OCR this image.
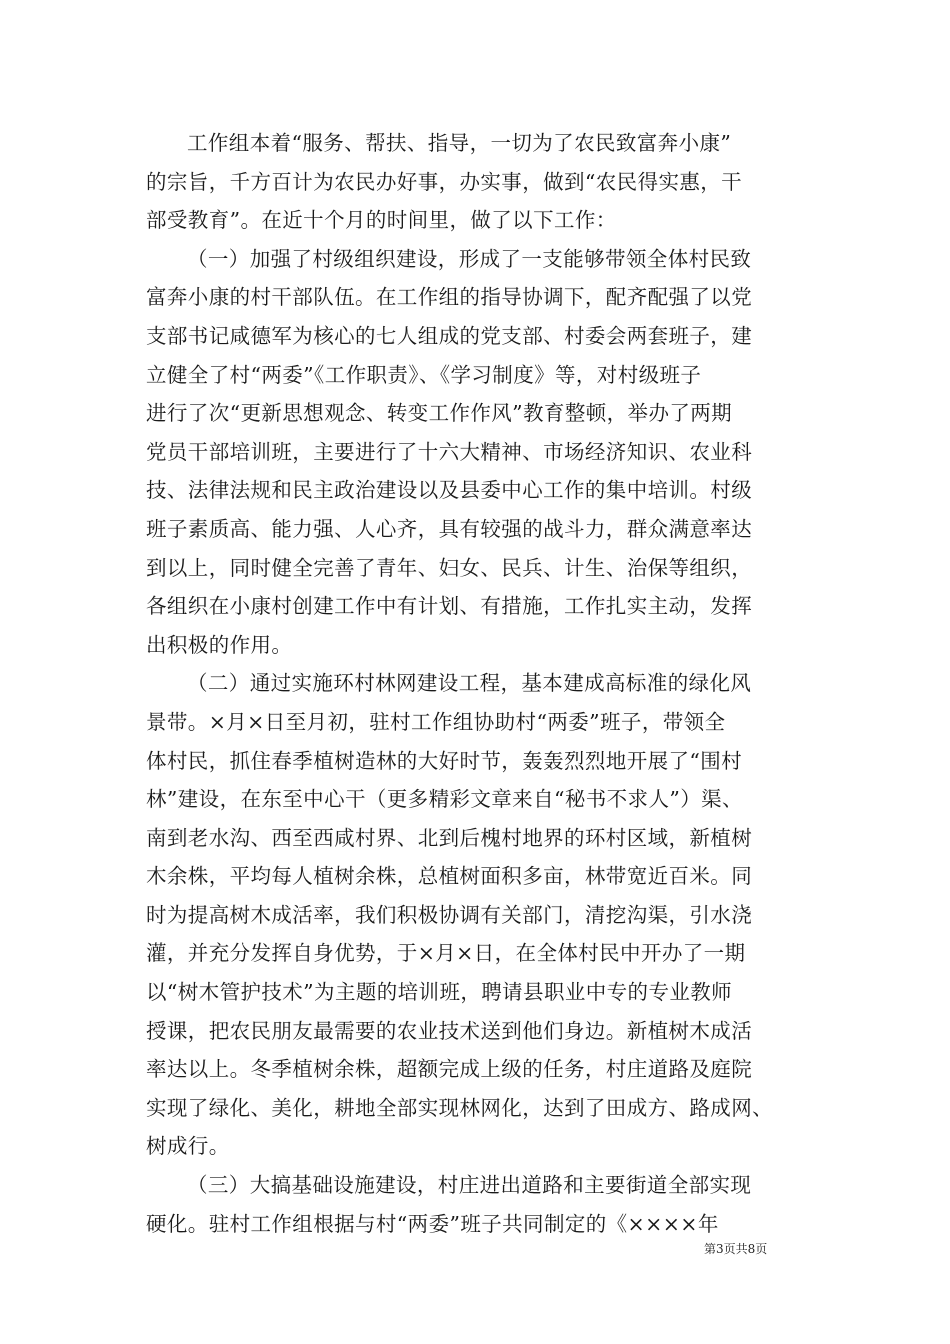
工作组本着“服务、帮扶、指导，一切为了农民致富奔小康”
的宗旨，千方百计为农民办好事，办实事，做到“农民得实惠，干
部受教育”。在近十个月的时间里，做了以下工作：
（一）加强了村级组织建设，形成了一支能够带领全体村民致
富奔小康的村干部队伍。在工作组的指导协调下，配齐配强了以党
支部书记咸德军为核心的七人组成的党支部、村委会两套班子，建
立健全了村“两委”《工作职责》、《学习制度》等，对村级班子
进行了次“更新思想观念、转变工作作风”教育整顿，举办了两期
党员干部培训班，主要进行了十六大精神、市场经济知识、农业科
技、法律法规和民主政治建设以及县委中心工作的集中培训。村级
班子素质高、能力强、人心齐，具有较强的战斗力，群众满意率达
到以上，同时健全完善了青年、妇女、民兵、计生、治保等组织，
各组织在小康村创建工作中有计划、有措施，工作扎实主动，发挥
出积极的作用。
（二）通过实施环村林网建设工程，基本建成高标准的绿化风
景带。×月×日至月初，驻村工作组协助村“两委”班子，带领全
体村民，抓住春季植树造林的大好时节，轰轰烈烈地开展了“围村
林”建设，在东至中心干（更多精彩文章来自“秘书不求人”）渠、
南到老水沟、西至西咸村界、北到后槐村地界的环村区域，新植树
木余株，平均每人植树余株，总植树面积多亩，林带宽近百米。同
时为提高树木成活率，我们积极协调有关部门，清挖沟渠，引水浇
灌，并充分发挥自身优势，于×月×日，在全体村民中开办了一期
以“树木管护技术”为主题的培训班，聘请县职业中专的专业教师
授课，把农民朋友最需要的农业技术送到他们身边。新植树木成活
率达以上。冬季植树余株，超额完成上级的任务，村庄道路及庭院
实现了绿化、美化，耕地全部实现林网化，达到了田成方、路成网、
树成行。
（三）大搞基础设施建设，村庄进出道路和主要街道全部实现
硬化。驻村工作组根据与村“两委”班子共同制定的《××××年
第3页共8页
